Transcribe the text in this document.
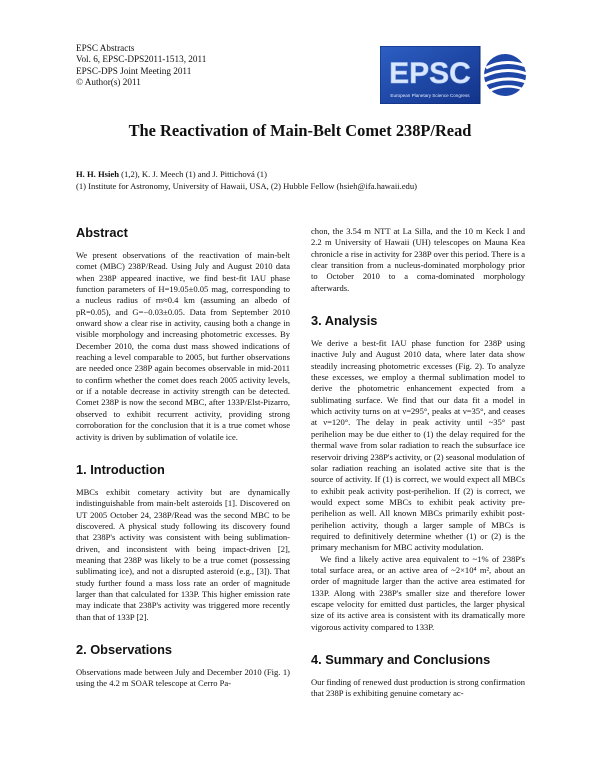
EPSC Abstracts
Vol. 6, EPSC-DPS2011-1513, 2011
EPSC-DPS Joint Meeting 2011
© Author(s) 2011	EPSC
European Planetary Science Congress
The Reactivation of Main-Belt Comet 238P/Read
H. H. Hsieh (1,2), K. J. Meech (1) and J. Pittichová (1)
(1) Institute for Astronomy, University of Hawaii, USA, (2) Hubble Fellow (hsieh@ifa.hawaii.edu)
Abstract

We present observations of the reactivation of main-belt comet (MBC) 238P/Read. Using July and August 2010 data when 238P appeared inactive, we find best-fit IAU phase function parameters of H=19.05±0.05 mag, corresponding to a nucleus radius of rn≈0.4 km (assuming an albedo of pR=0.05), and G=−0.03±0.05. Data from September 2010 onward show a clear rise in activity, causing both a change in visible morphology and increasing photometric excesses. By December 2010, the coma dust mass showed indications of reaching a level comparable to 2005, but further observations are needed once 238P again becomes observable in mid-2011 to confirm whether the comet does reach 2005 activity levels, or if a notable decrease in activity strength can be detected. Comet 238P is now the second MBC, after 133P/Elst-Pizarro, observed to exhibit recurrent activity, providing strong corroboration for the conclusion that it is a true comet whose activity is driven by sublimation of volatile ice.

1. Introduction

MBCs exhibit cometary activity but are dynamically indistinguishable from main-belt asteroids [1]. Discovered on UT 2005 October 24, 238P/Read was the second MBC to be discovered. A physical study following its discovery found that 238P's activity was consistent with being sublimation-driven, and inconsistent with being impact-driven [2], meaning that 238P was likely to be a true comet (possessing sublimating ice), and not a disrupted asteroid (e.g., [3]). That study further found a mass loss rate an order of magnitude larger than that calculated for 133P. This higher emission rate may indicate that 238P's activity was triggered more recently than that of 133P [2].

2. Observations

Observations made between July and December 2010 (Fig. 1) using the 4.2 m SOAR telescope at Cerro Pa-

chon, the 3.54 m NTT at La Silla, and the 10 m Keck I and 2.2 m University of Hawaii (UH) telescopes on Mauna Kea chronicle a rise in activity for 238P over this period. There is a clear transition from a nucleus-dominated morphology prior to October 2010 to a coma-dominated morphology afterwards.

3. Analysis

We derive a best-fit IAU phase function for 238P using inactive July and August 2010 data, where later data show steadily increasing photometric excesses (Fig. 2). To analyze these excesses, we employ a thermal sublimation model to derive the photometric enhancement expected from a sublimating surface. We find that our data fit a model in which activity turns on at ν=295°, peaks at ν=35°, and ceases at ν=120°. The delay in peak activity until ~35° past perihelion may be due either to (1) the delay required for the thermal wave from solar radiation to reach the subsurface ice reservoir driving 238P's activity, or (2) seasonal modulation of solar radiation reaching an isolated active site that is the source of activity. If (1) is correct, we would expect all MBCs to exhibit peak activity post-perihelion. If (2) is correct, we would expect some MBCs to exhibit peak activity pre-perihelion as well. All known MBCs primarily exhibit post-perihelion activity, though a larger sample of MBCs is required to definitively determine whether (1) or (2) is the primary mechanism for MBC activity modulation.

We find a likely active area equivalent to ~1% of 238P's total surface area, or an active area of ~2×10⁴ m², about an order of magnitude larger than the active area estimated for 133P. Along with 238P's smaller size and therefore lower escape velocity for emitted dust particles, the larger physical size of its active area is consistent with its dramatically more vigorous activity compared to 133P.

4. Summary and Conclusions

Our finding of renewed dust production is strong confirmation that 238P is exhibiting genuine cometary ac-
